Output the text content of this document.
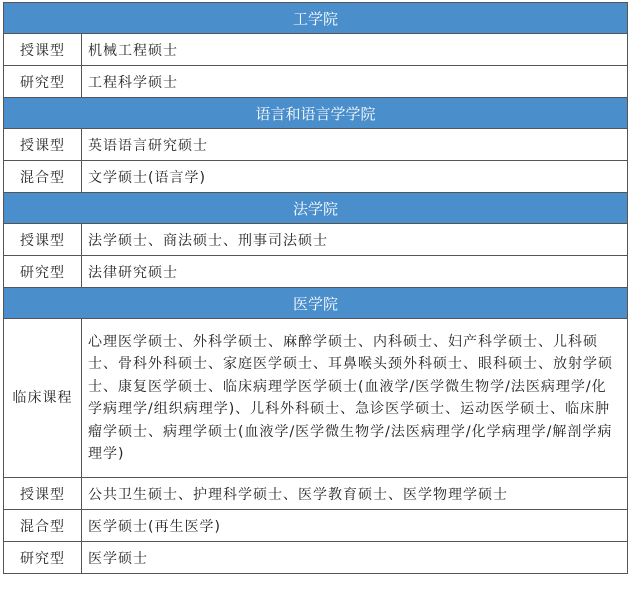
工学院	
授课型	机械工程硕士
研究型	工程科学硕士
语言和语言学学院	
授课型	英语语言研究硕士
混合型	文学硕士(语言学)
法学院	
授课型	法学硕士、商法硕士、刑事司法硕士
研究型	法律研究硕士
医学院	
临床课程	心理医学硕士、外科学硕士、麻醉学硕士、内科硕士、妇产科学硕士、儿科硕士、骨科外科硕士、家庭医学硕士、耳鼻喉头颈外科硕士、眼科硕士、放射学硕士、康复医学硕士、临床病理学医学硕士(血液学/医学微生物学/法医病理学/化学病理学/组织病理学)、儿科外科硕士、急诊医学硕士、运动医学硕士、临床肿瘤学硕士、病理学硕士(血液学/医学微生物学/法医病理学/化学病理学/解剖学病理学)
授课型	公共卫生硕士、护理科学硕士、医学教育硕士、医学物理学硕士
混合型	医学硕士(再生医学)
研究型	医学硕士
